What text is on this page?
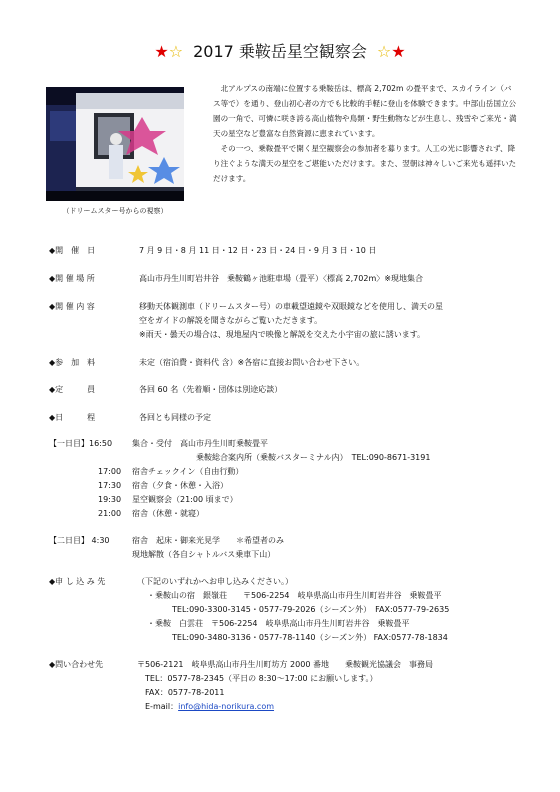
★☆ 2017 乗鞍岳星空観察会 ☆★
（ドリームスター号からの視察）

北アルプスの南端に位置する乗鞍岳は、標高 2,702m の畳平まで、スカイライン（バス等で）を通り、登山初心者の方でも比較的手軽に登山を体験できます。中部山岳国立公園の一角で、可憐に咲き誇る高山植物や鳥類・野生動物などが生息し、残雪やご来光・満天の星空など豊富な自然資源に恵まれています。

その一つ、乗鞍畳平で開く星空観察会の参加者を募ります。人工の光に影響されず、降り注ぐような満天の星空をご堪能いただけます。また、翌朝は神々しいご来光も遥拝いただけます。

◆開　催　日	7 月 9 日・8 月 11 日・12 日・23 日・24 日・9 月 3 日・10 日
◆開 催 場 所	高山市丹生川町岩井谷　乗鞍鶴ヶ池駐車場（畳平）〈標高 2,702m〉※現地集合
◆開 催 内 容	移動天体観測車（ドリームスター号）の車載望遠鏡や双眼鏡などを使用し、満天の星
空をガイドの解説を聞きながらご覧いただきます。
※雨天・曇天の場合は、現地屋内で映像と解説を交えた小宇宙の旅に誘います。
◆参　加　料	未定（宿泊費・資料代 含）※各宿に直接お問い合わせ下さい。
◆定　　　員	各回 60 名（先着順・団体は別途応談）
◆日　　　程	各回とも同様の予定
【一日目】16:50 集合・受付　高山市丹生川町乗鞍畳平
乗鞍総合案内所（乗鞍バスターミナル内）　TEL:090-8671-3191
17:00 宿舎チェックイン（自由行動）
17:30 宿舎（夕食・休憩・入浴）
19:30 星空観察会（21:00 頃まで）
21:00 宿舎（休憩・就寝）
【二日目】 4:30	宿舎　起床・御来光見学　　＊希望者のみ
現地解散（各自シャトルバス乗車下山）
◆申 し 込 み 先	（下記のいずれかへお申し込みください。）
・乗鞍山の宿　銀嶺荘　　〒506-2254　岐阜県高山市丹生川町岩井谷　乗鞍畳平
TEL:090-3300-3145・0577-79-2026（シーズン外）　FAX:0577-79-2635
・乗鞍　白雲荘　〒506-2254　岐阜県高山市丹生川町岩井谷　乗鞍畳平
TEL:090-3480-3136・0577-78-1140（シーズン外） FAX:0577-78-1834
◆問い合わせ先	〒506-2121　岐阜県高山市丹生川町坊方 2000 番地　　乗鞍観光協議会　事務局
TEL：0577-78-2345（平日の 8:30～17:00 にお願いします。）
FAX：0577-78-2011
E-mail：info@hida-norikura.com
